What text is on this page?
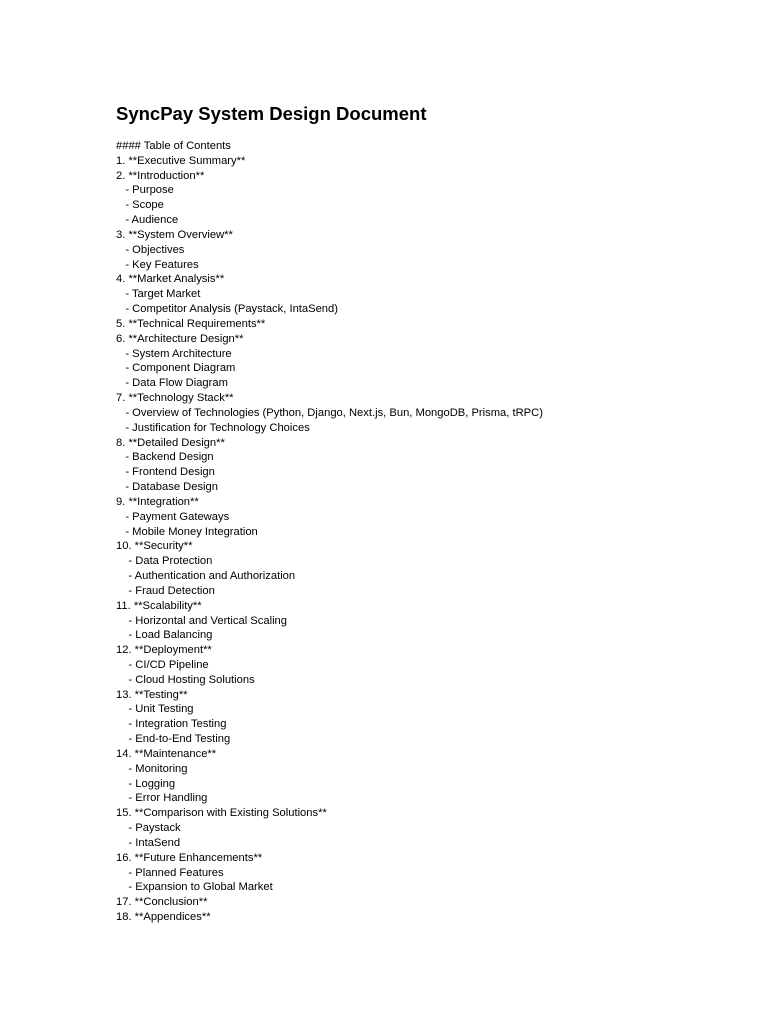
SyncPay System Design Document
#### Table of Contents
1. **Executive Summary**
2. **Introduction**
- Purpose
- Scope
- Audience
3. **System Overview**
- Objectives
- Key Features
4. **Market Analysis**
- Target Market
- Competitor Analysis (Paystack, IntaSend)
5. **Technical Requirements**
6. **Architecture Design**
- System Architecture
- Component Diagram
- Data Flow Diagram
7. **Technology Stack**
- Overview of Technologies (Python, Django, Next.js, Bun, MongoDB, Prisma, tRPC)
- Justification for Technology Choices
8. **Detailed Design**
- Backend Design
- Frontend Design
- Database Design
9. **Integration**
- Payment Gateways
- Mobile Money Integration
10. **Security**
- Data Protection
- Authentication and Authorization
- Fraud Detection
11. **Scalability**
- Horizontal and Vertical Scaling
- Load Balancing
12. **Deployment**
- CI/CD Pipeline
- Cloud Hosting Solutions
13. **Testing**
- Unit Testing
- Integration Testing
- End-to-End Testing
14. **Maintenance**
- Monitoring
- Logging
- Error Handling
15. **Comparison with Existing Solutions**
- Paystack
- IntaSend
16. **Future Enhancements**
- Planned Features
- Expansion to Global Market
17. **Conclusion**
18. **Appendices**
